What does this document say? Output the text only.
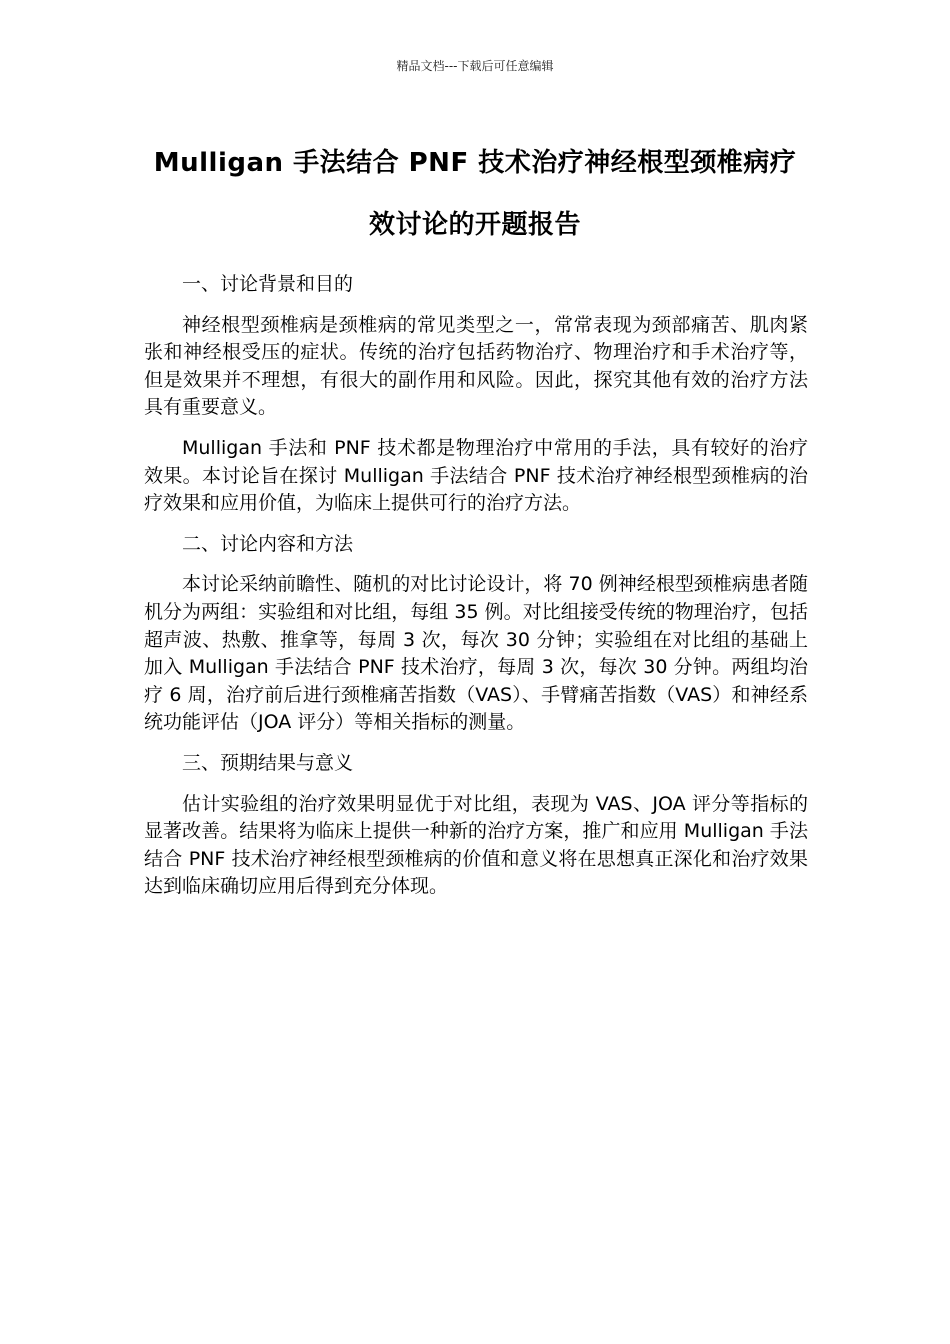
精品文档---下载后可任意编辑
Mulligan 手法结合 PNF 技术治疗神经根型颈椎病疗
效讨论的开题报告
一、讨论背景和目的

神经根型颈椎病是颈椎病的常见类型之一，常常表现为颈部痛苦、肌肉紧张和神经根受压的症状。传统的治疗包括药物治疗、物理治疗和手术治疗等，但是效果并不理想，有很大的副作用和风险。因此，探究其他有效的治疗方法具有重要意义。

Mulligan 手法和 PNF 技术都是物理治疗中常用的手法，具有较好的治疗效果。本讨论旨在探讨 Mulligan 手法结合 PNF 技术治疗神经根型颈椎病的治疗效果和应用价值，为临床上提供可行的治疗方法。

二、讨论内容和方法

本讨论采纳前瞻性、随机的对比讨论设计，将 70 例神经根型颈椎病患者随机分为两组：实验组和对比组，每组 35 例。对比组接受传统的物理治疗，包括超声波、热敷、推拿等，每周 3 次，每次 30 分钟；实验组在对比组的基础上加入 Mulligan 手法结合 PNF 技术治疗，每周 3 次，每次 30 分钟。两组均治疗 6 周，治疗前后进行颈椎痛苦指数（VAS）、手臂痛苦指数（VAS）和神经系统功能评估（JOA 评分）等相关指标的测量。

三、预期结果与意义

估计实验组的治疗效果明显优于对比组，表现为 VAS、JOA 评分等指标的显著改善。结果将为临床上提供一种新的治疗方案，推广和应用 Mulligan 手法结合 PNF 技术治疗神经根型颈椎病的价值和意义将在思想真正深化和治疗效果达到临床确切应用后得到充分体现。
